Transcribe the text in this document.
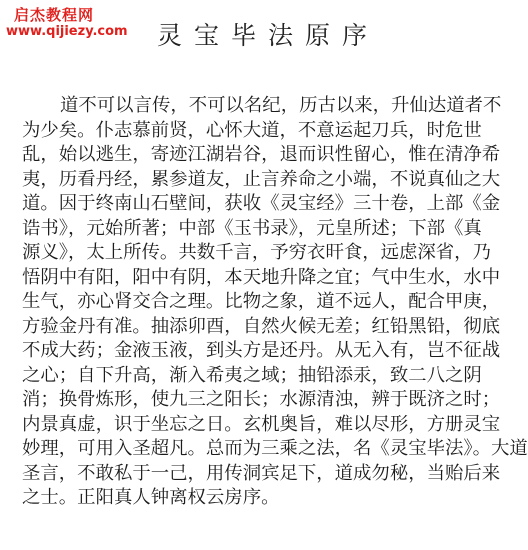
启杰教程网
www.qijiezy.com	灵宝毕法原序
道不可以言传，不可以名纪，历古以来，升仙达道者不
为少矣。仆志慕前贤，心怀大道，不意运起刀兵，时危世
乱，始以逃生，寄迹江湖岩谷，退而识性留心，惟在清净希
夷，历看丹经，累参道友，止言养命之小端，不说真仙之大
道。因于终南山石壁间，获收《灵宝经》三十卷，上部《金
诰书》，元始所著；中部《玉书录》，元皇所述；下部《真
源义》，太上所传。共数千言，予穷衣旰食，远虑深省，乃
悟阴中有阳，阳中有阴，本天地升降之宜；气中生水，水中
生气，亦心肾交合之理。比物之象，道不远人，配合甲庚，
方验金丹有准。抽添卯酉，自然火候无差；红铅黑铅，彻底
不成大药；金液玉液，到头方是还丹。从无入有，岂不征战
之心；自下升高，渐入希夷之域；抽铅添汞，致二八之阴
消；换骨炼形，使九三之阳长；水源清浊，辨于既济之时；
内景真虚，识于坐忘之日。玄机奥旨，难以尽形，方册灵宝
妙理，可用入圣超凡。总而为三乘之法，名《灵宝毕法》。大道
圣言，不敢私于一己，用传洞宾足下，道成勿秘，当贻后来
之士。正阳真人钟离权云房序。
